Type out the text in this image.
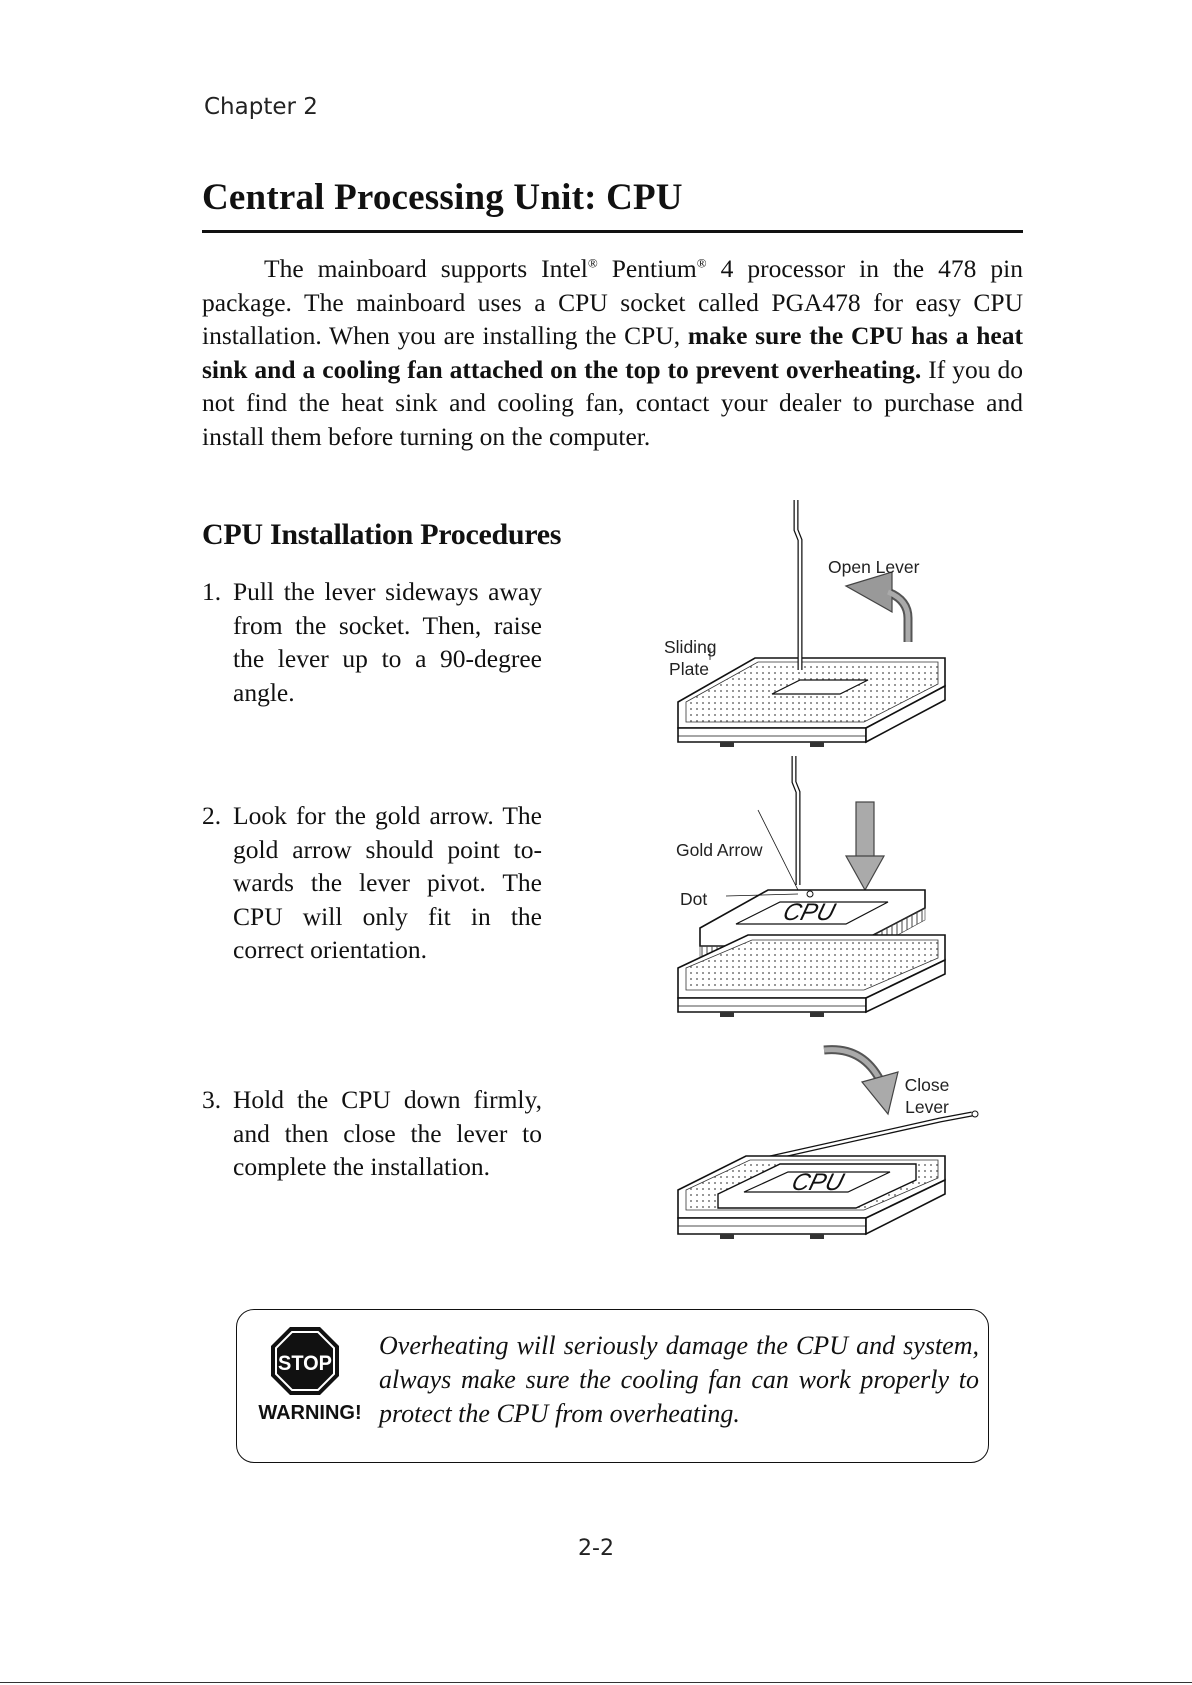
Chapter 2
Central Processing Unit: CPU

The mainboard supports Intel® Pentium® 4 processor in the 478 pin package. The mainboard uses a CPU socket called PGA478 for easy CPU installation. When you are installing the CPU, make sure the CPU has a heat sink and a cooling fan attached on the top to prevent overheating. If you do not find the heat sink and cooling fan, contact your dealer to purchase and install them before turning on the computer.

CPU Installation Procedures

1. Pull the lever sideways away from the socket. Then, raise the lever up to a 90-degree angle.

2. Look for the gold arrow. The gold arrow should point to-wards the lever pivot. The CPU will only fit in the correct orientation.

3. Hold the CPU down firmly, and then close the lever to complete the installation.

CPU
CPU
Open Lever
Sliding
Plate
Gold Arrow
Dot
Close
Lever
STOP
WARNING!

Overheating will seriously damage the CPU and system, always make sure the cooling fan can work properly to protect the CPU from overheating.

2-2
